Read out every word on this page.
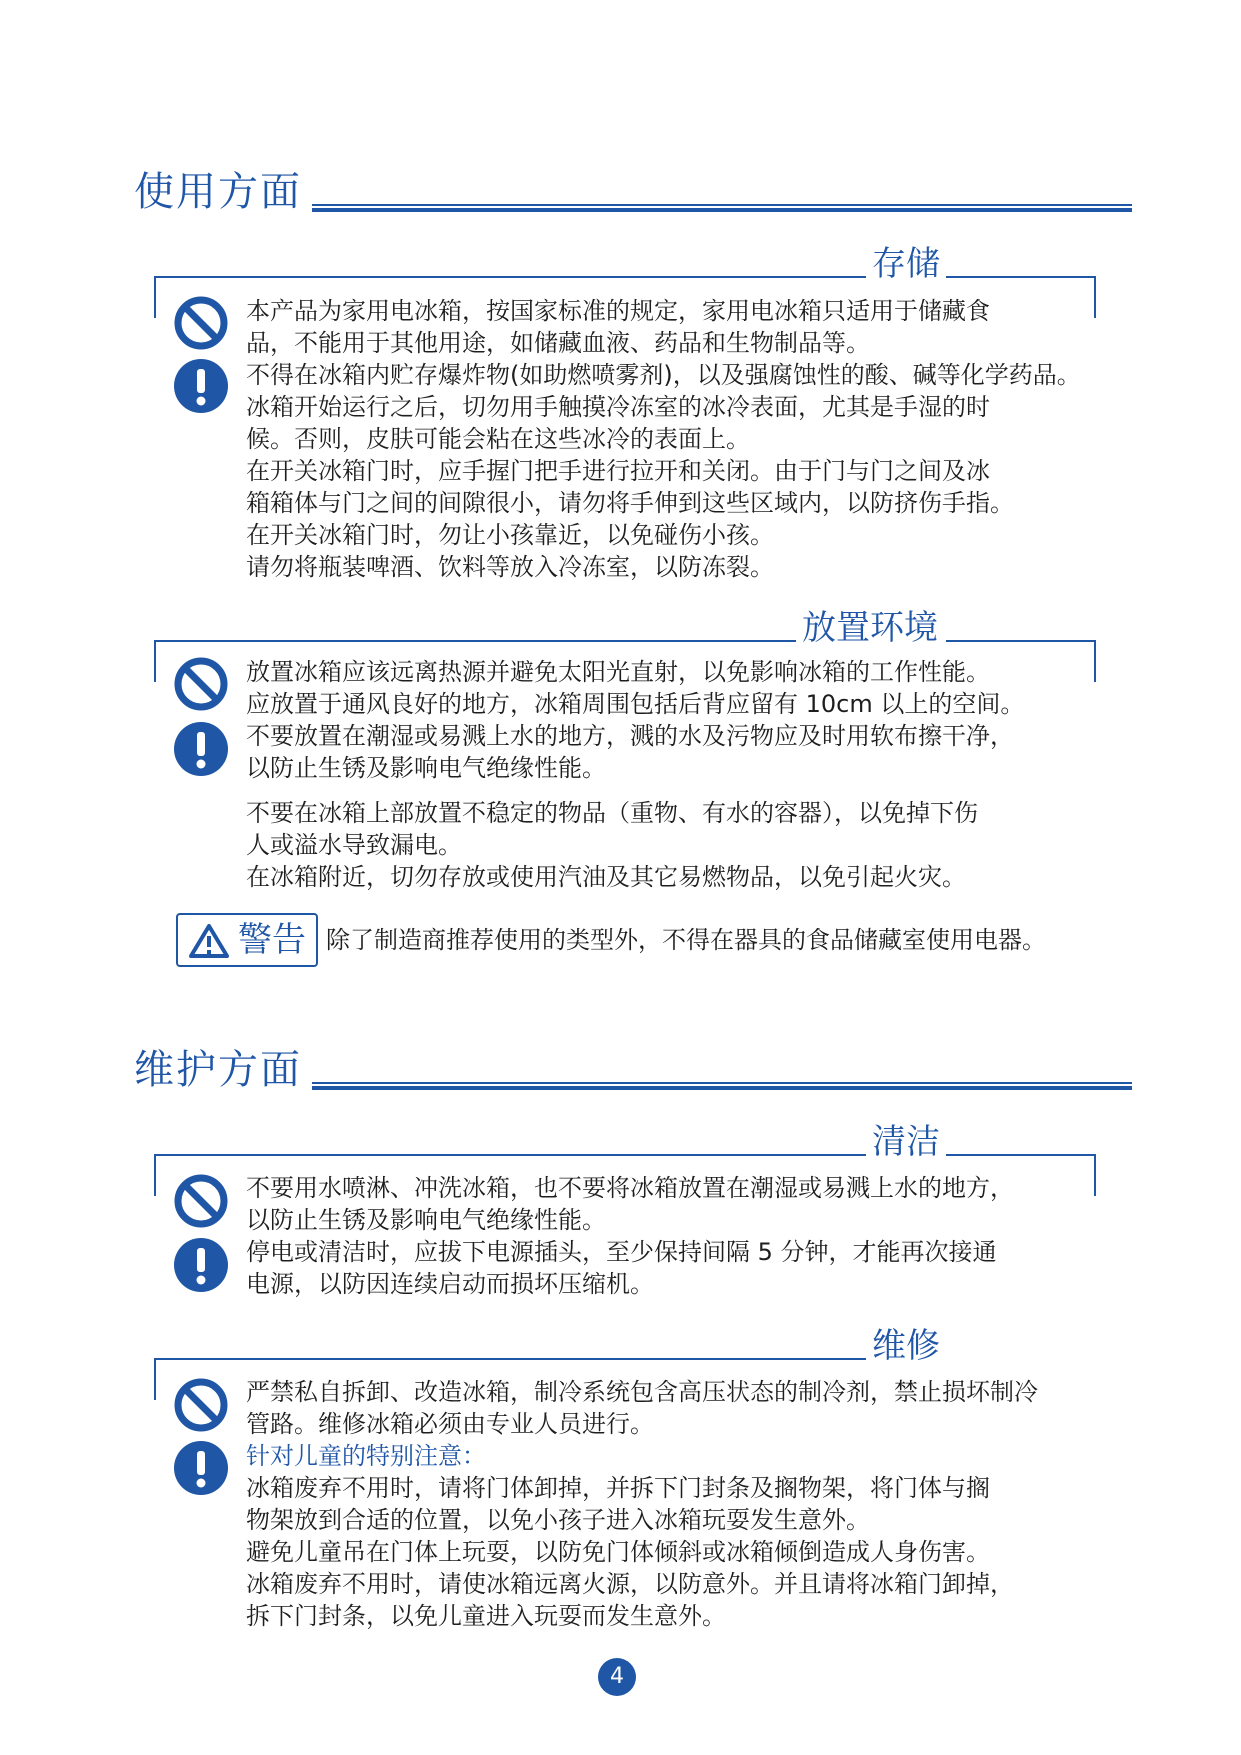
使用方面
存储

本产品为家用电冰箱，按国家标准的规定，家用电冰箱只适用于储藏食

品，不能用于其他用途，如储藏血液、药品和生物制品等。

不得在冰箱内贮存爆炸物(如助燃喷雾剂)，以及强腐蚀性的酸、碱等化学药品。

冰箱开始运行之后，切勿用手触摸冷冻室的冰冷表面，尤其是手湿的时

候。否则，皮肤可能会粘在这些冰冷的表面上。

在开关冰箱门时，应手握门把手进行拉开和关闭。由于门与门之间及冰

箱箱体与门之间的间隙很小，请勿将手伸到这些区域内，以防挤伤手指。

在开关冰箱门时，勿让小孩靠近，以免碰伤小孩。

请勿将瓶装啤酒、饮料等放入冷冻室，以防冻裂。

放置环境

放置冰箱应该远离热源并避免太阳光直射，以免影响冰箱的工作性能。

应放置于通风良好的地方，冰箱周围包括后背应留有 10cm 以上的空间。

不要放置在潮湿或易溅上水的地方，溅的水及污物应及时用软布擦干净，

以防止生锈及影响电气绝缘性能。

不要在冰箱上部放置不稳定的物品（重物、有水的容器），以免掉下伤

人或溢水导致漏电。

在冰箱附近，切勿存放或使用汽油及其它易燃物品，以免引起火灾。

警告 除了制造商推荐使用的类型外，不得在器具的食品储藏室使用电器。
维护方面
清洁

不要用水喷淋、冲洗冰箱，也不要将冰箱放置在潮湿或易溅上水的地方，

以防止生锈及影响电气绝缘性能。

停电或清洁时，应拔下电源插头，至少保持间隔 5 分钟，才能再次接通

电源，以防因连续启动而损坏压缩机。

维修

严禁私自拆卸、改造冰箱，制冷系统包含高压状态的制冷剂，禁止损坏制冷

管路。维修冰箱必须由专业人员进行。

针对儿童的特别注意：

冰箱废弃不用时，请将门体卸掉，并拆下门封条及搁物架，将门体与搁

物架放到合适的位置，以免小孩子进入冰箱玩耍发生意外。

避免儿童吊在门体上玩耍，以防免门体倾斜或冰箱倾倒造成人身伤害。

冰箱废弃不用时，请使冰箱远离火源，以防意外。并且请将冰箱门卸掉，

拆下门封条，以免儿童进入玩耍而发生意外。

4
